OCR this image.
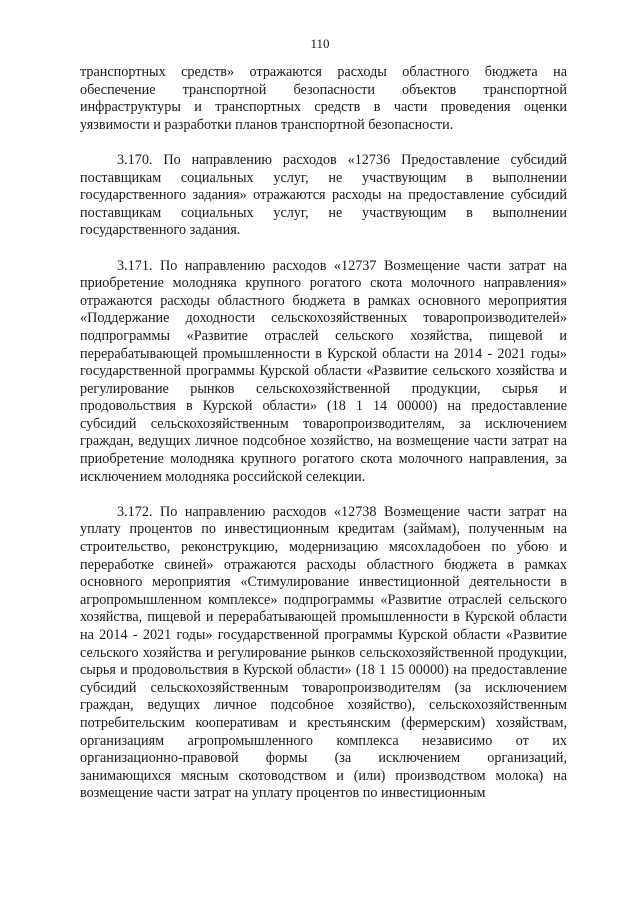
110

транспортных средств» отражаются расходы областного бюджета на обеспечение транспортной безопасности объектов транспортной инфраструктуры и транспортных средств в части проведения оценки уязвимости и разработки планов транспортной безопасности.

3.170. По направлению расходов «12736 Предоставление субсидий поставщикам социальных услуг, не участвующим в выполнении государственного задания» отражаются расходы на предоставление субсидий поставщикам социальных услуг, не участвующим в выполнении государственного задания.

3.171. По направлению расходов «12737 Возмещение части затрат на приобретение молодняка крупного рогатого скота молочного направления» отражаются расходы областного бюджета в рамках основного мероприятия «Поддержание доходности сельскохозяйственных товаропроизводителей» подпрограммы «Развитие отраслей сельского хозяйства, пищевой и перерабатывающей промышленности в Курской области на 2014 - 2021 годы» государственной программы Курской области «Развитие сельского хозяйства и регулирование рынков сельскохозяйственной продукции, сырья и продовольствия в Курской области» (18 1 14 00000) на предоставление субсидий сельскохозяйственным товаропроизводителям, за исключением граждан, ведущих личное подсобное хозяйство, на возмещение части затрат на приобретение молодняка крупного рогатого скота молочного направления, за исключением молодняка российской селекции.

3.172. По направлению расходов «12738 Возмещение части затрат на уплату процентов по инвестиционным кредитам (займам), полученным на строительство, реконструкцию, модернизацию мясохладобоен по убою и переработке свиней» отражаются расходы областного бюджета в рамках основного мероприятия «Стимулирование инвестиционной деятельности в агропромышленном комплексе» подпрограммы «Развитие отраслей сельского хозяйства, пищевой и перерабатывающей промышленности в Курской области на 2014 - 2021 годы» государственной программы Курской области «Развитие сельского хозяйства и регулирование рынков сельскохозяйственной продукции, сырья и продовольствия в Курской области» (18 1 15 00000) на предоставление субсидий сельскохозяйственным товаропроизводителям (за исключением граждан, ведущих личное подсобное хозяйство), сельскохозяйственным потребительским кооперативам и крестьянским (фермерским) хозяйствам, организациям агропромышленного комплекса независимо от их организационно-правовой формы (за исключением организаций, занимающихся мясным скотоводством и (или) производством молока) на возмещение части затрат на уплату процентов по инвестиционным
